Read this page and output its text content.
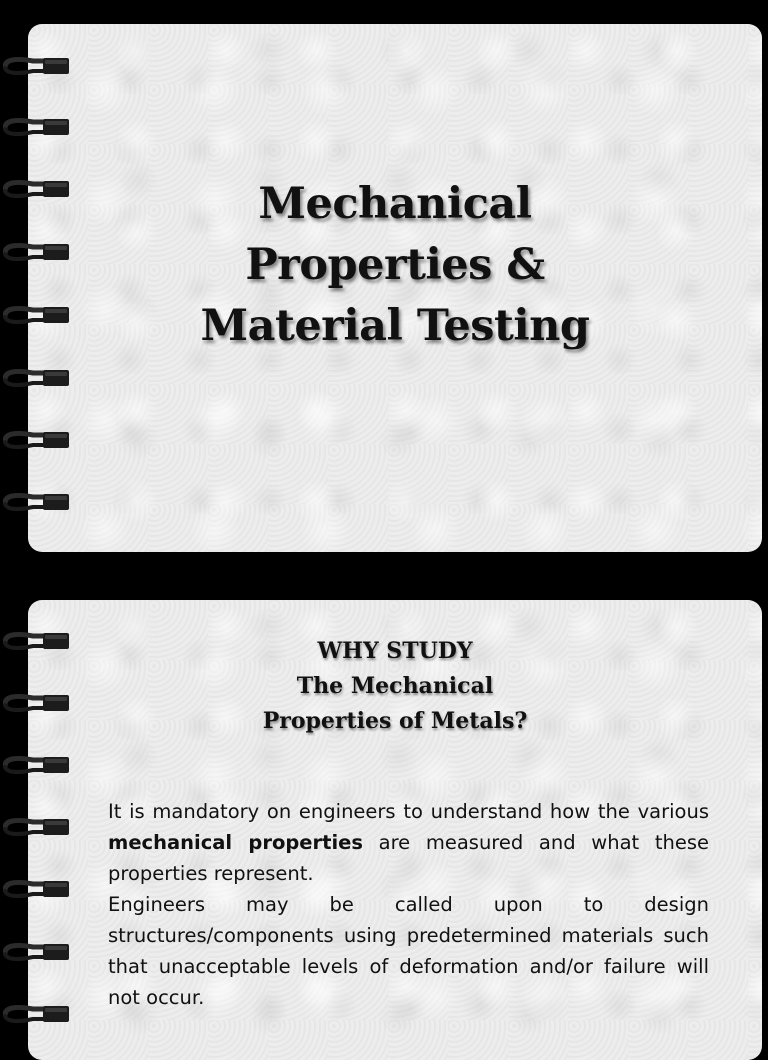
Mechanical
Properties &
Material Testing
WHY STUDY
The Mechanical
Properties of Metals?

It is mandatory on engineers to understand how the various mechanical properties are measured and what these properties represent.

Engineers may be called upon to design structures/components using predetermined materials such that unacceptable levels of deformation and/or failure will not occur.
